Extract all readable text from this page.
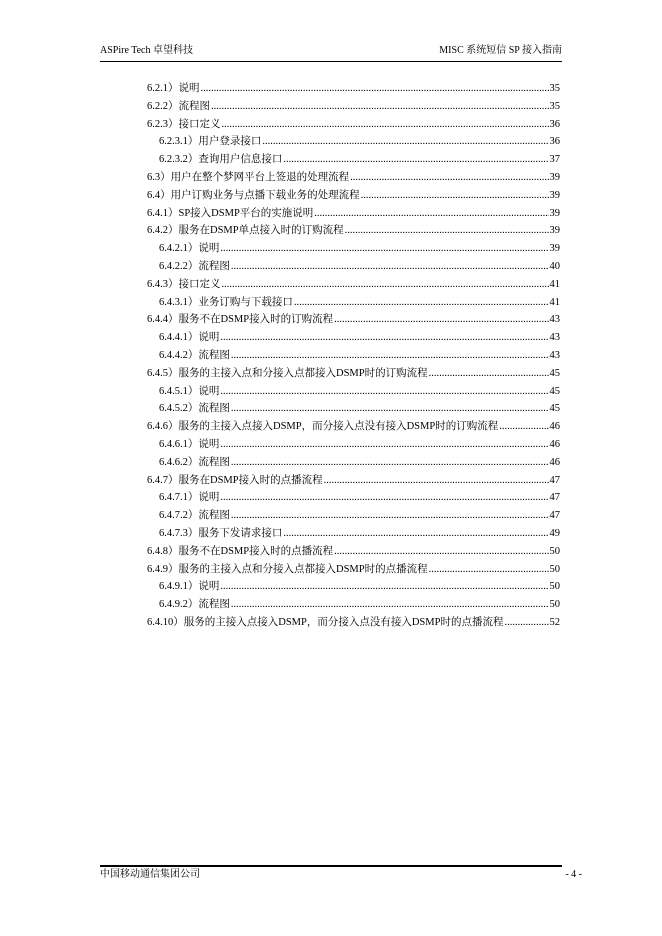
ASPire Tech 卓望科技	MISC 系统短信 SP 接入指南
6.2.1）说明 .....	35
6.2.2）流程图 .....	35
6.2.3）接口定义 .....	36
6.2.3.1）用户登录接口 .....	36
6.2.3.2）查询用户信息接口 .....	37
6.3）用户在整个梦网平台上签退的处理流程 .....	39
6.4）用户订购业务与点播下载业务的处理流程 .....	39
6.4.1）SP接入DSMP平台的实施说明 .....	39
6.4.2）服务在DSMP单点接入时的订购流程 .....	39
6.4.2.1）说明 .....	39
6.4.2.2）流程图 .....	40
6.4.3）接口定义 .....	41
6.4.3.1）业务订购与下载接口 .....	41
6.4.4）服务不在DSMP接入时的订购流程 .....	43
6.4.4.1）说明 .....	43
6.4.4.2）流程图 .....	43
6.4.5）服务的主接入点和分接入点都接入DSMP时的订购流程 .....	45
6.4.5.1）说明 .....	45
6.4.5.2）流程图 .....	45
6.4.6）服务的主接入点接入DSMP，而分接入点没有接入DSMP时的订购流程 .....	46
6.4.6.1）说明 .....	46
6.4.6.2）流程图 .....	46
6.4.7）服务在DSMP接入时的点播流程 .....	47
6.4.7.1）说明 .....	47
6.4.7.2）流程图 .....	47
6.4.7.3）服务下发请求接口 .....	49
6.4.8）服务不在DSMP接入时的点播流程 .....	50
6.4.9）服务的主接入点和分接入点都接入DSMP时的点播流程 .....	50
6.4.9.1）说明 .....	50
6.4.9.2）流程图 .....	50
6.4.10）服务的主接入点接入DSMP，而分接入点没有接入DSMP时的点播流程 .....	52
中国移动通信集团公司	- 4 -
